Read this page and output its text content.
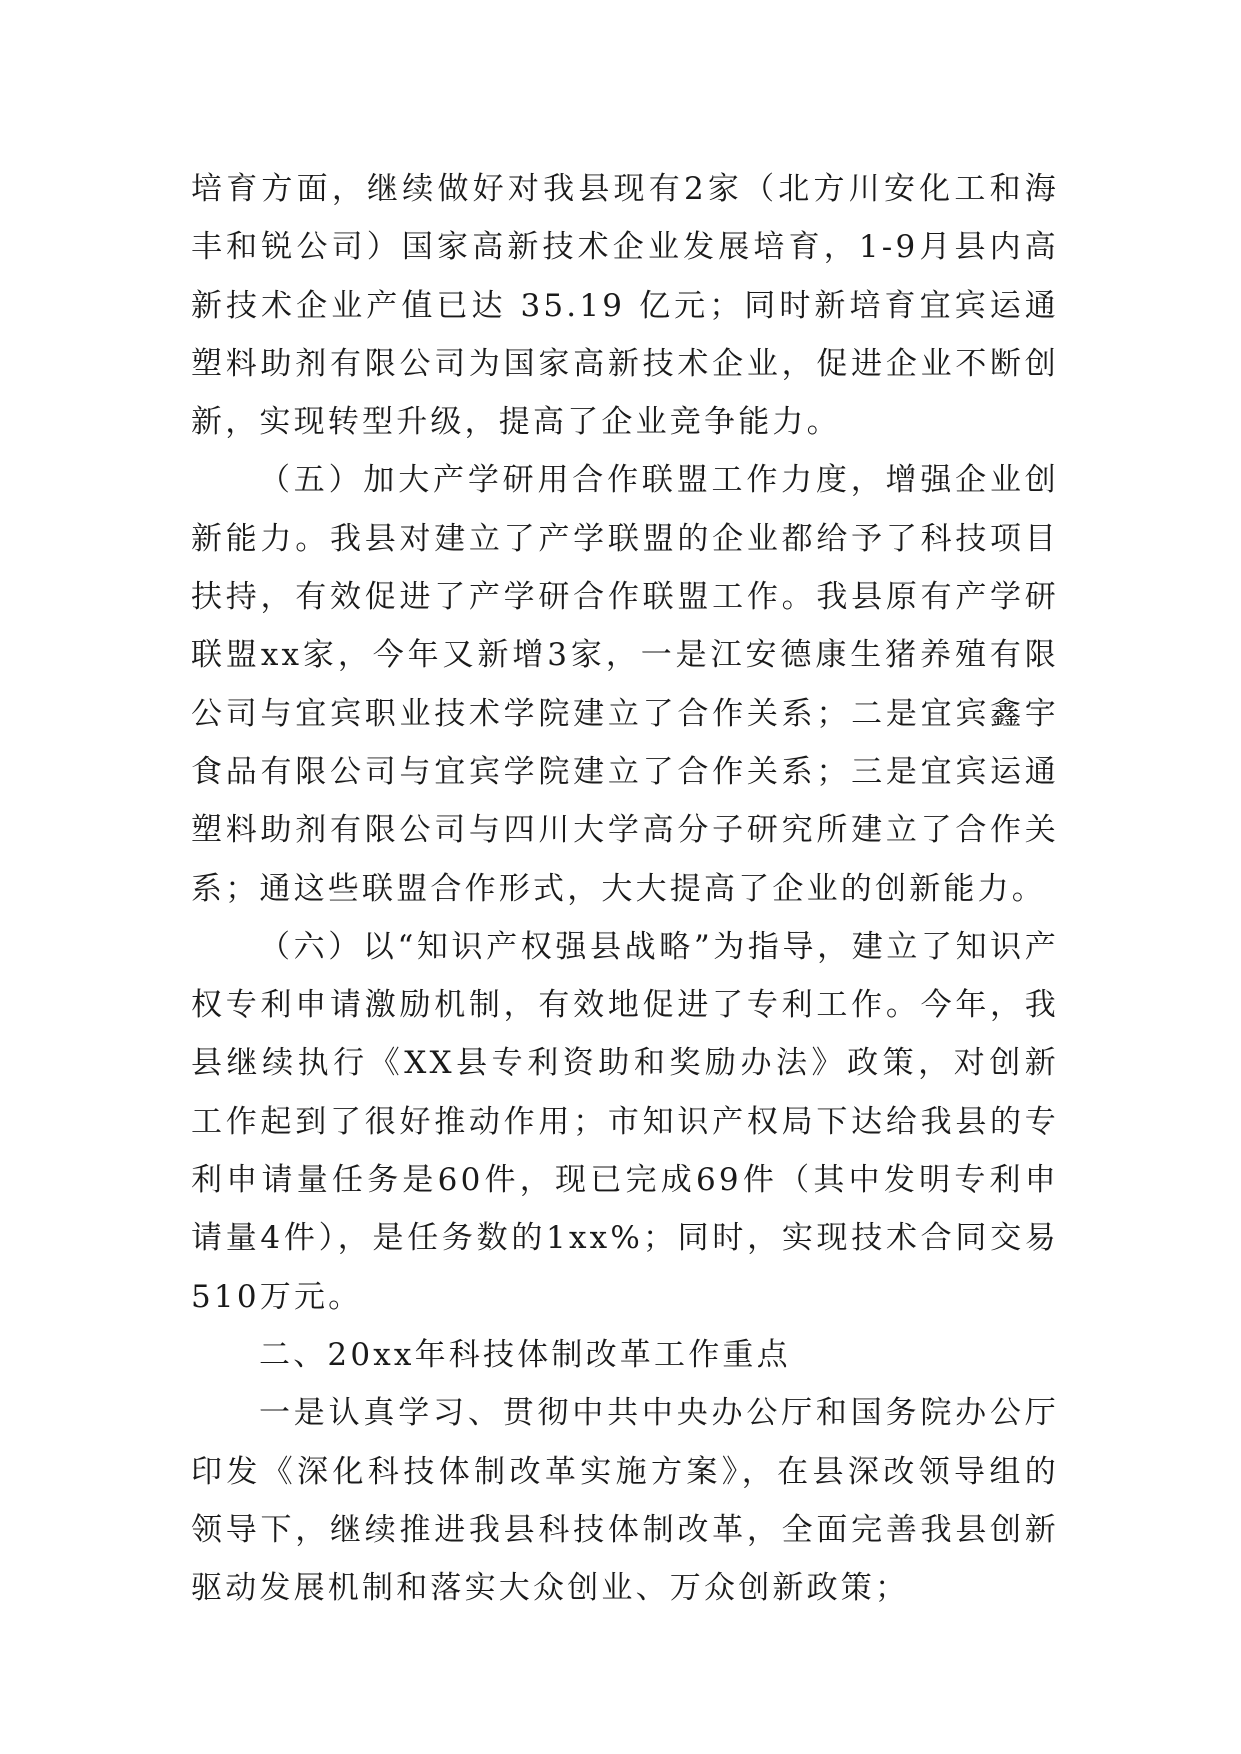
培育方面，继续做好对我县现有2家（北方川安化工和海丰和锐公司）国家高新技术企业发展培育，1-9月县内高新技术企业产值已达 35.19 亿元；同时新培育宜宾运通塑料助剂有限公司为国家高新技术企业，促进企业不断创新，实现转型升级，提高了企业竞争能力。

（五）加大产学研用合作联盟工作力度，增强企业创新能力。我县对建立了产学联盟的企业都给予了科技项目扶持，有效促进了产学研合作联盟工作。我县原有产学研联盟xx家，今年又新增3家，一是江安德康生猪养殖有限公司与宜宾职业技术学院建立了合作关系；二是宜宾鑫宇食品有限公司与宜宾学院建立了合作关系；三是宜宾运通塑料助剂有限公司与四川大学高分子研究所建立了合作关系；通这些联盟合作形式，大大提高了企业的创新能力。

（六）以“知识产权强县战略”为指导，建立了知识产权专利申请激励机制，有效地促进了专利工作。今年，我县继续执行《XX县专利资助和奖励办法》政策，对创新工作起到了很好推动作用；市知识产权局下达给我县的专利申请量任务是60件，现已完成69件（其中发明专利申请量4件），是任务数的1xx%；同时，实现技术合同交易510万元。

二、20xx年科技体制改革工作重点

一是认真学习、贯彻中共中央办公厅和国务院办公厅印发《深化科技体制改革实施方案》，在县深改领导组的领导下，继续推进我县科技体制改革，全面完善我县创新驱动发展机制和落实大众创业、万众创新政策；
